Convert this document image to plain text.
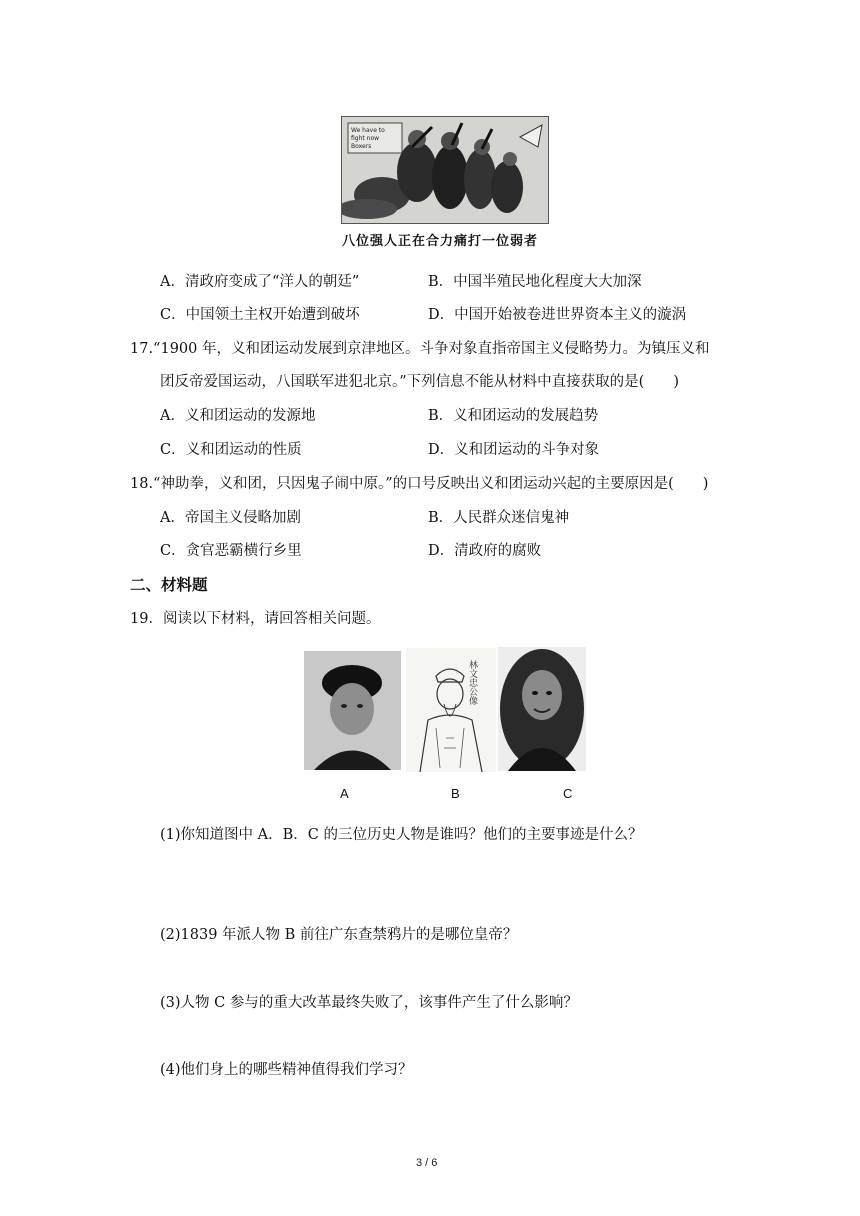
We have to
fight now
Boxers
八位强人正在合力痛打一位弱者
A．清政府变成了“洋人的朝廷”	B．中国半殖民地化程度大大加深
C．中国领土主权开始遭到破坏	D．中国开始被卷进世界资本主义的漩涡
17.“1900 年，义和团运动发展到京津地区。斗争对象直指帝国主义侵略势力。为镇压义和
团反帝爱国运动，八国联军进犯北京。”下列信息不能从材料中直接获取的是(　　)
A．义和团运动的发源地	B．义和团运动的发展趋势
C．义和团运动的性质	D．义和团运动的斗争对象
18.“神助拳，义和团，只因鬼子闹中原。”的口号反映出义和团运动兴起的主要原因是(　　)
A．帝国主义侵略加剧	B．人民群众迷信鬼神
C．贪官恶霸横行乡里	D．清政府的腐败
二、材料题
19．阅读以下材料，请回答相关问题。
林文忠公像
A	B	C
(1)你知道图中 A．B．C 的三位历史人物是谁吗？他们的主要事迹是什么？
(2)1839 年派人物 B 前往广东查禁鸦片的是哪位皇帝？
(3)人物 C 参与的重大改革最终失败了，该事件产生了什么影响？
(4)他们身上的哪些精神值得我们学习？
3 / 6
